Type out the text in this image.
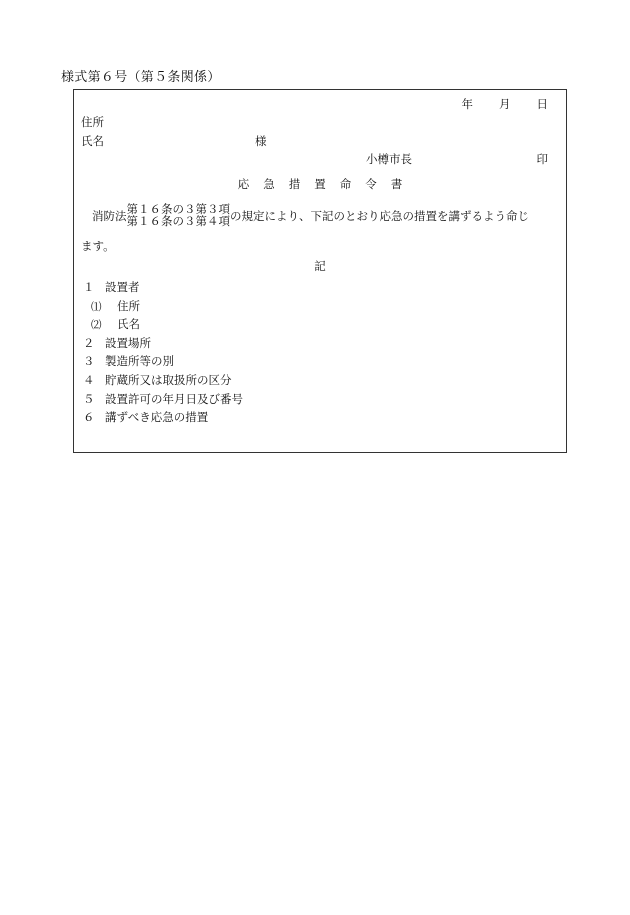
様式第６号（第５条関係）
年 月 日
住所
氏名	様
小樽市長	印
応 急 措 置 命 令 書
消防法 第１６条の３第３項
第１６条の３第４項 の規定により、下記のとおり応急の措置を講ずるよう命じ
ます。
記
１ 設置者
⑴ 住所
⑵ 氏名
２ 設置場所
３ 製造所等の別
４ 貯蔵所又は取扱所の区分
５ 設置許可の年月日及び番号
６ 講ずべき応急の措置
